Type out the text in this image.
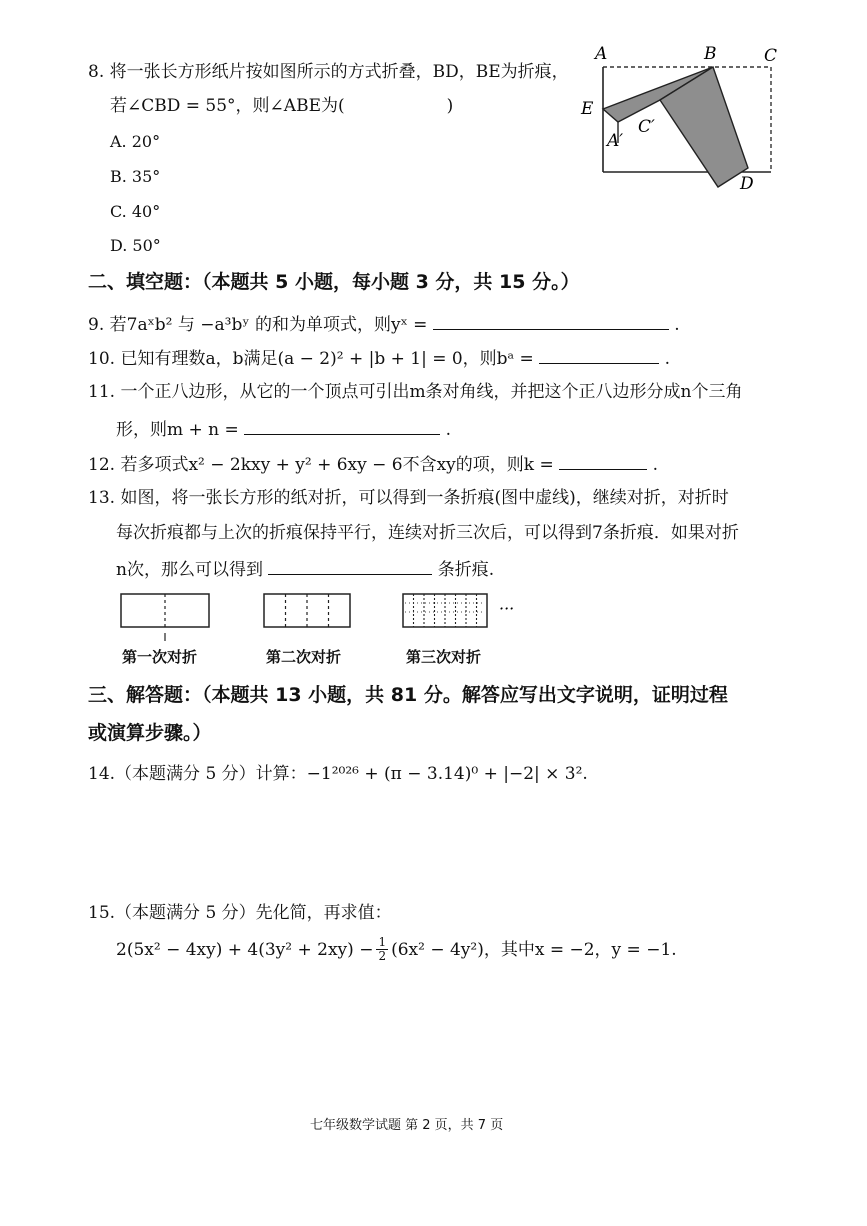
8. 将一张长方形纸片按如图所示的方式折叠，BD，BE为折痕，
若∠CBD = 55°，则∠ABE为(　　　　　　)
A. 20°
B. 35°
C. 40°
D. 50°
A	B	C
E
A′
C′
D
二、填空题：（本题共 5 小题，每小题 3 分，共 15 分。）
9. 若7aˣb² 与 −a³bʸ 的和为单项式，则yˣ =	.
10. 已知有理数a，b满足(a − 2)² + |b + 1| = 0，则bᵃ =	.
11. 一个正八边形，从它的一个顶点可引出m条对角线，并把这个正八边形分成n个三角
形，则m + n =	.
12. 若多项式x² − 2kxy + y² + 6xy − 6不含xy的项，则k =	.
13. 如图，将一张长方形的纸对折，可以得到一条折痕(图中虚线)，继续对折，对折时
每次折痕都与上次的折痕保持平行，连续对折三次后，可以得到7条折痕．如果对折
n次，那么可以得到	条折痕.
···
第一次对折	第二次对折	第三次对折
三、解答题：（本题共 13 小题，共 81 分。解答应写出文字说明，证明过程
或演算步骤。）
14.（本题满分 5 分）计算：−1²⁰²⁶ + (π − 3.14)⁰ + |−2| × 3².
15.（本题满分 5 分）先化简，再求值：
$2(5x^2 - 4xy) + 4(3y^2 + 2xy) - \frac{1}{2} (6x^2 - 4y^2)$，其中x = −2，y = −1.
七年级数学试题 第 2 页，共 7 页
